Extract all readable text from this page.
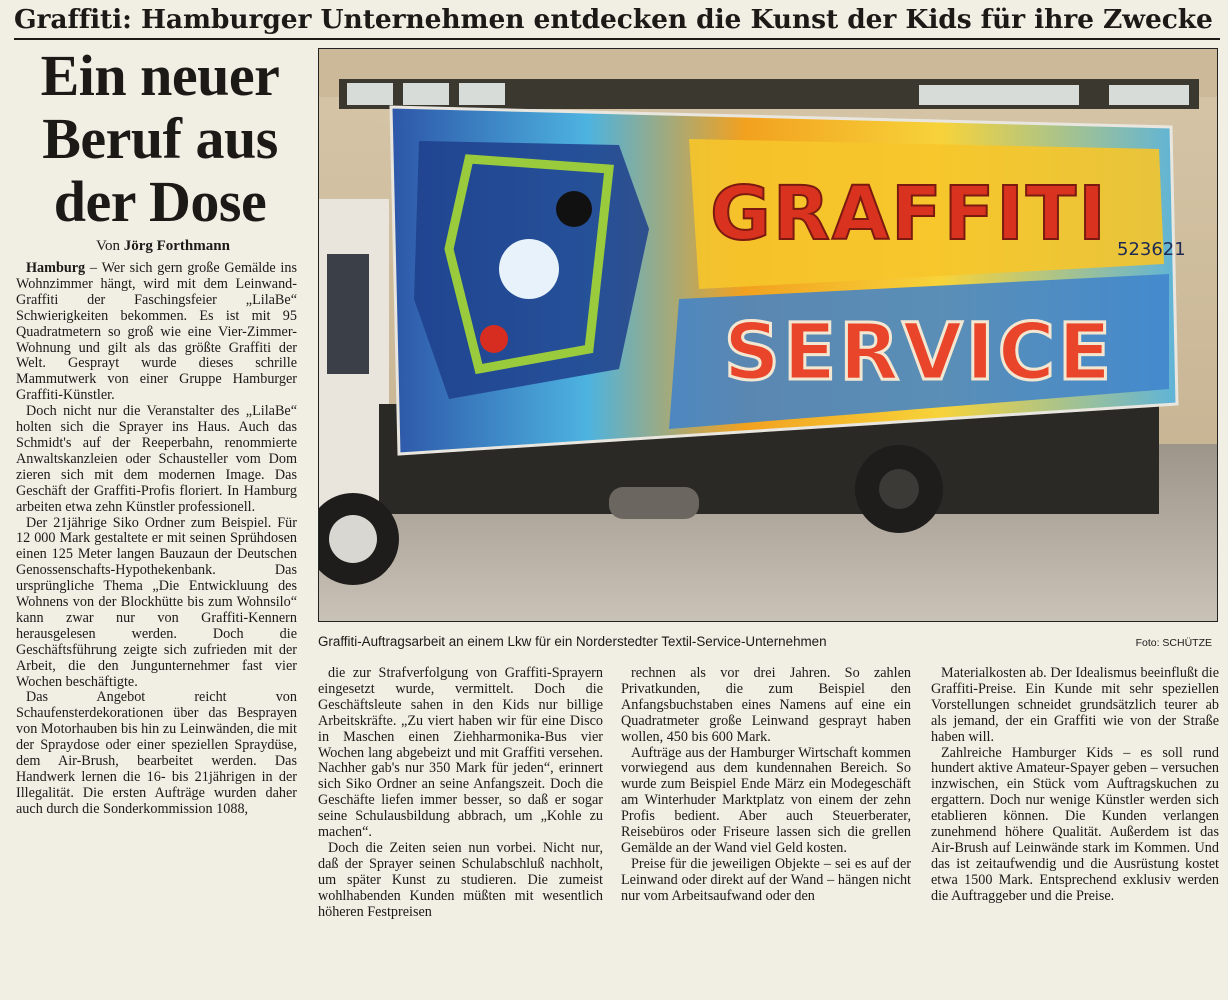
Graffiti: Hamburger Unternehmen entdecken die Kunst der Kids für ihre Zwecke
Ein neuer Beruf aus der Dose
Von Jörg Forthmann

Hamburg – Wer sich gern große Gemälde ins Wohnzimmer hängt, wird mit dem Leinwand-Graffiti der Faschingsfeier „LilaBe“ Schwierigkeiten bekommen. Es ist mit 95 Quadratmetern so groß wie eine Vier-Zimmer-Wohnung und gilt als das größte Graffiti der Welt. Gesprayt wurde dieses schrille Mammutwerk von einer Gruppe Hamburger Graffiti-Künstler.

Doch nicht nur die Veranstalter des „LilaBe“ holten sich die Sprayer ins Haus. Auch das Schmidt's auf der Reeperbahn, renommierte Anwaltskanzleien oder Schausteller vom Dom zieren sich mit dem modernen Image. Das Geschäft der Graffiti-Profis floriert. In Hamburg arbeiten etwa zehn Künstler professionell.

Der 21jährige Siko Ordner zum Beispiel. Für 12 000 Mark gestaltete er mit seinen Sprühdosen einen 125 Meter langen Bauzaun der Deutschen Genossenschafts-Hypothekenbank. Das ursprüngliche Thema „Die Entwickluung des Wohnens von der Blockhütte bis zum Wohnsilo“ kann zwar nur von Graffiti-Kennern herausgelesen werden. Doch die Geschäftsführung zeigte sich zufrieden mit der Arbeit, die den Jungunternehmer fast vier Wochen beschäftigte.

Das Angebot reicht von Schaufensterdekorationen über das Besprayen von Motorhauben bis hin zu Leinwänden, die mit der Spraydose oder einer speziellen Spraydüse, dem Air-Brush, bearbeitet werden. Das Handwerk lernen die 16- bis 21jährigen in der Illegalität. Die ersten Aufträge wurden daher auch durch die Sonderkommission 1088,

GRAFFITI
SERVICE
523621
Graffiti-Auftragsarbeit an einem Lkw für ein Norderstedter Textil-Service-Unternehmen	Foto: SCHÜTZE

die zur Strafverfolgung von Graffiti-Sprayern eingesetzt wurde, vermittelt. Doch die Geschäftsleute sahen in den Kids nur billige Arbeitskräfte. „Zu viert haben wir für eine Disco in Maschen einen Ziehharmonika-Bus vier Wochen lang abgebeizt und mit Graffiti versehen. Nachher gab's nur 350 Mark für jeden“, erinnert sich Siko Ordner an seine Anfangszeit. Doch die Geschäfte liefen immer besser, so daß er sogar seine Schulausbildung abbrach, um „Kohle zu machen“.

Doch die Zeiten seien nun vorbei. Nicht nur, daß der Sprayer seinen Schulabschluß nachholt, um später Kunst zu studieren. Die zumeist wohlhabenden Kunden müßten mit wesentlich höheren Festpreisen

rechnen als vor drei Jahren. So zahlen Privatkunden, die zum Beispiel den Anfangsbuchstaben eines Namens auf eine ein Quadratmeter große Leinwand gesprayt haben wollen, 450 bis 600 Mark.

Aufträge aus der Hamburger Wirtschaft kommen vorwiegend aus dem kundennahen Bereich. So wurde zum Beispiel Ende März ein Modegeschäft am Winterhuder Marktplatz von einem der zehn Profis bedient. Aber auch Steuerberater, Reisebüros oder Friseure lassen sich die grellen Gemälde an der Wand viel Geld kosten.

Preise für die jeweiligen Objekte – sei es auf der Leinwand oder direkt auf der Wand – hängen nicht nur vom Arbeitsaufwand oder den

Materialkosten ab. Der Idealismus beeinflußt die Graffiti-Preise. Ein Kunde mit sehr speziellen Vorstellungen schneidet grundsätzlich teurer ab als jemand, der ein Graffiti wie von der Straße haben will.

Zahlreiche Hamburger Kids – es soll rund hundert aktive Amateur-Spayer geben – versuchen inzwischen, ein Stück vom Auftragskuchen zu ergattern. Doch nur wenige Künstler werden sich etablieren können. Die Kunden verlangen zunehmend höhere Qualität. Außerdem ist das Air-Brush auf Leinwände stark im Kommen. Und das ist zeitaufwendig und die Ausrüstung kostet etwa 1500 Mark. Entsprechend exklusiv werden die Auftraggeber und die Preise.
